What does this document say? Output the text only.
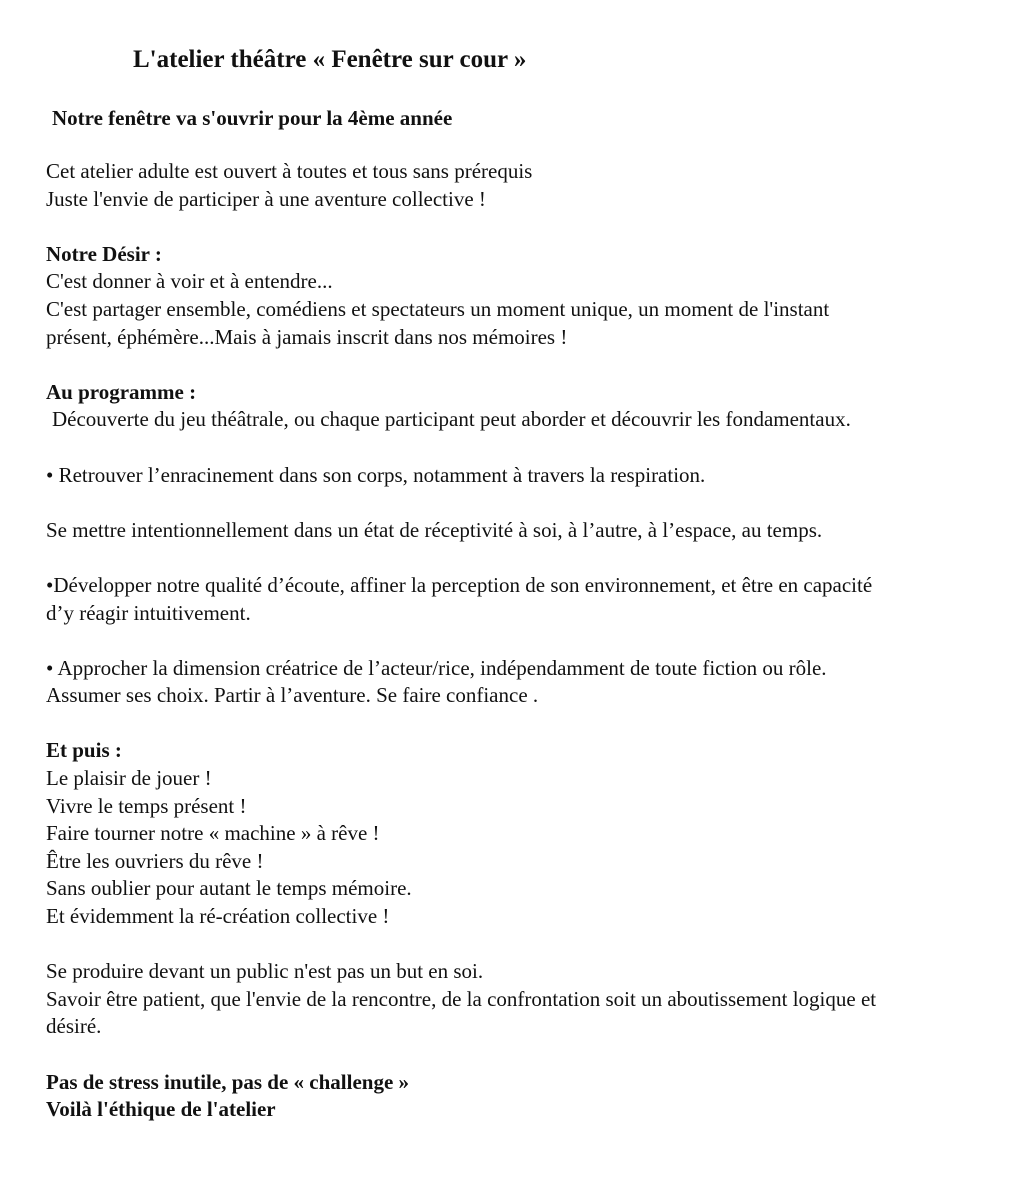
L'atelier théâtre « Fenêtre sur cour »
Notre fenêtre va s'ouvrir pour la 4ème année
Cet atelier adulte est ouvert à toutes et tous sans prérequis
Juste l'envie de participer à une aventure collective !
Notre Désir :
C'est donner à voir et à entendre...
C'est partager ensemble, comédiens et spectateurs un moment unique, un moment de l'instant
présent, éphémère...Mais à jamais inscrit dans nos mémoires !
Au programme :
Découverte du jeu théâtrale, ou chaque participant peut aborder et découvrir les fondamentaux.
• Retrouver l’enracinement dans son corps, notamment à travers la respiration.
Se mettre intentionnellement dans un état de réceptivité à soi, à l’autre, à l’espace, au temps.
•Développer notre qualité d’écoute, affiner la perception de son environnement, et être en capacité
d’y réagir intuitivement.
• Approcher la dimension créatrice de l’acteur/rice, indépendamment de toute fiction ou rôle.
Assumer ses choix. Partir à l’aventure. Se faire confiance .
Et puis :
Le plaisir de jouer !
Vivre le temps présent !
Faire tourner notre « machine » à rêve !
Être les ouvriers du rêve !
Sans oublier pour autant le temps mémoire.
Et évidemment la ré-création collective !
Se produire devant un public n'est pas un but en soi.
Savoir être patient, que l'envie de la rencontre, de la confrontation soit un aboutissement logique et
désiré.
Pas de stress inutile, pas de « challenge »
Voilà l'éthique de l'atelier
